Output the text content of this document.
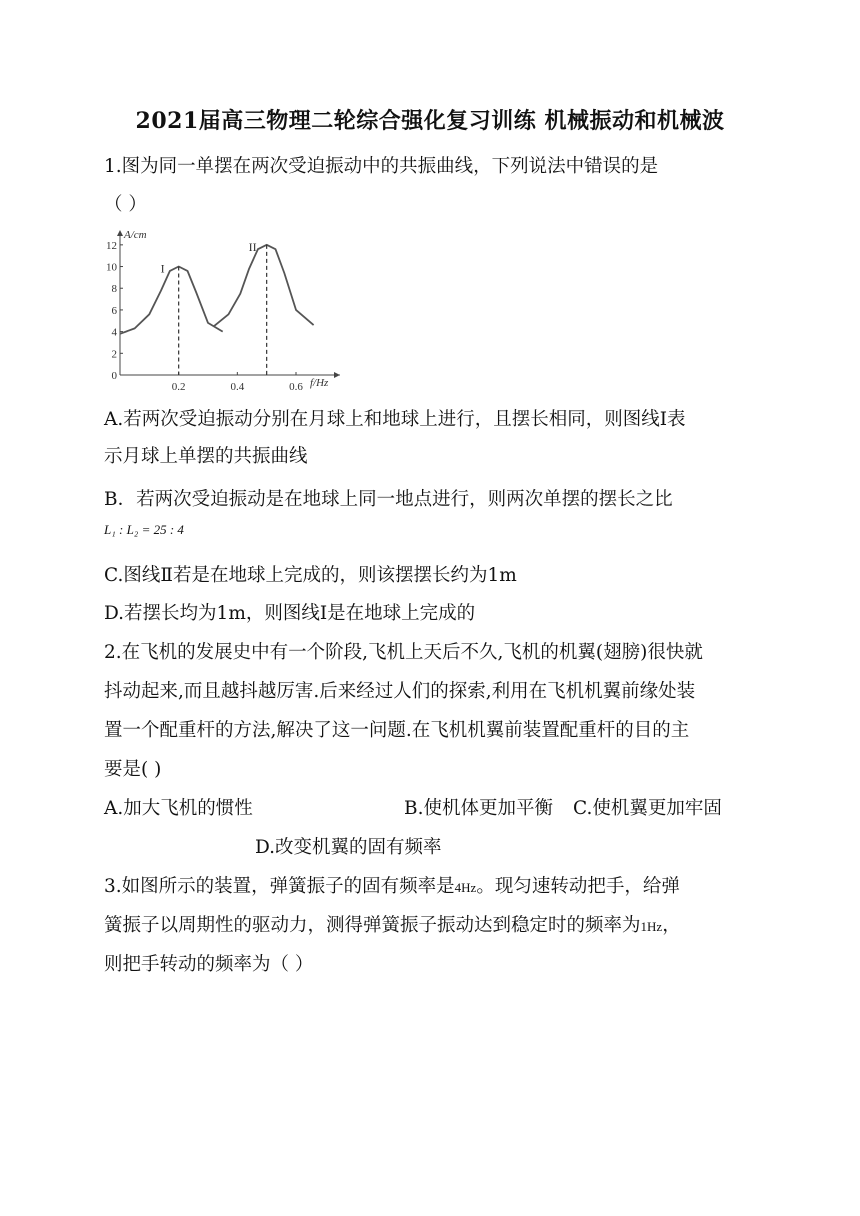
2021届高三物理二轮综合强化复习训练 机械振动和机械波
1.图为同一单摆在两次受迫振动中的共振曲线，下列说法中错误的是
（ ）
A/cm
f/Hz
0
2
4
6
8
10
12
0.2	0.4	0.6
I
II
A.若两次受迫振动分别在月球上和地球上进行，且摆长相同，则图线Ⅰ表
示月球上单摆的共振曲线
B．若两次受迫振动是在地球上同一地点进行，则两次单摆的摆长之比
L₁ : L₂ = 25 : 4
C.图线Ⅱ若是在地球上完成的，则该摆摆长约为1m
D.若摆长均为1m，则图线Ⅰ是在地球上完成的
2.在飞机的发展史中有一个阶段,飞机上天后不久,飞机的机翼(翅膀)很快就
抖动起来,而且越抖越厉害.后来经过人们的探索,利用在飞机机翼前缘处装
置一个配重杆的方法,解决了这一问题.在飞机机翼前装置配重杆的目的主
要是( )
A.加大飞机的惯性	B.使机体更加平衡 C.使机翼更加牢固
D.改变机翼的固有频率
3.如图所示的装置，弹簧振子的固有频率是4Hz。现匀速转动把手，给弹
簧振子以周期性的驱动力，测得弹簧振子振动达到稳定时的频率为1Hz，
则把手转动的频率为（ ）
